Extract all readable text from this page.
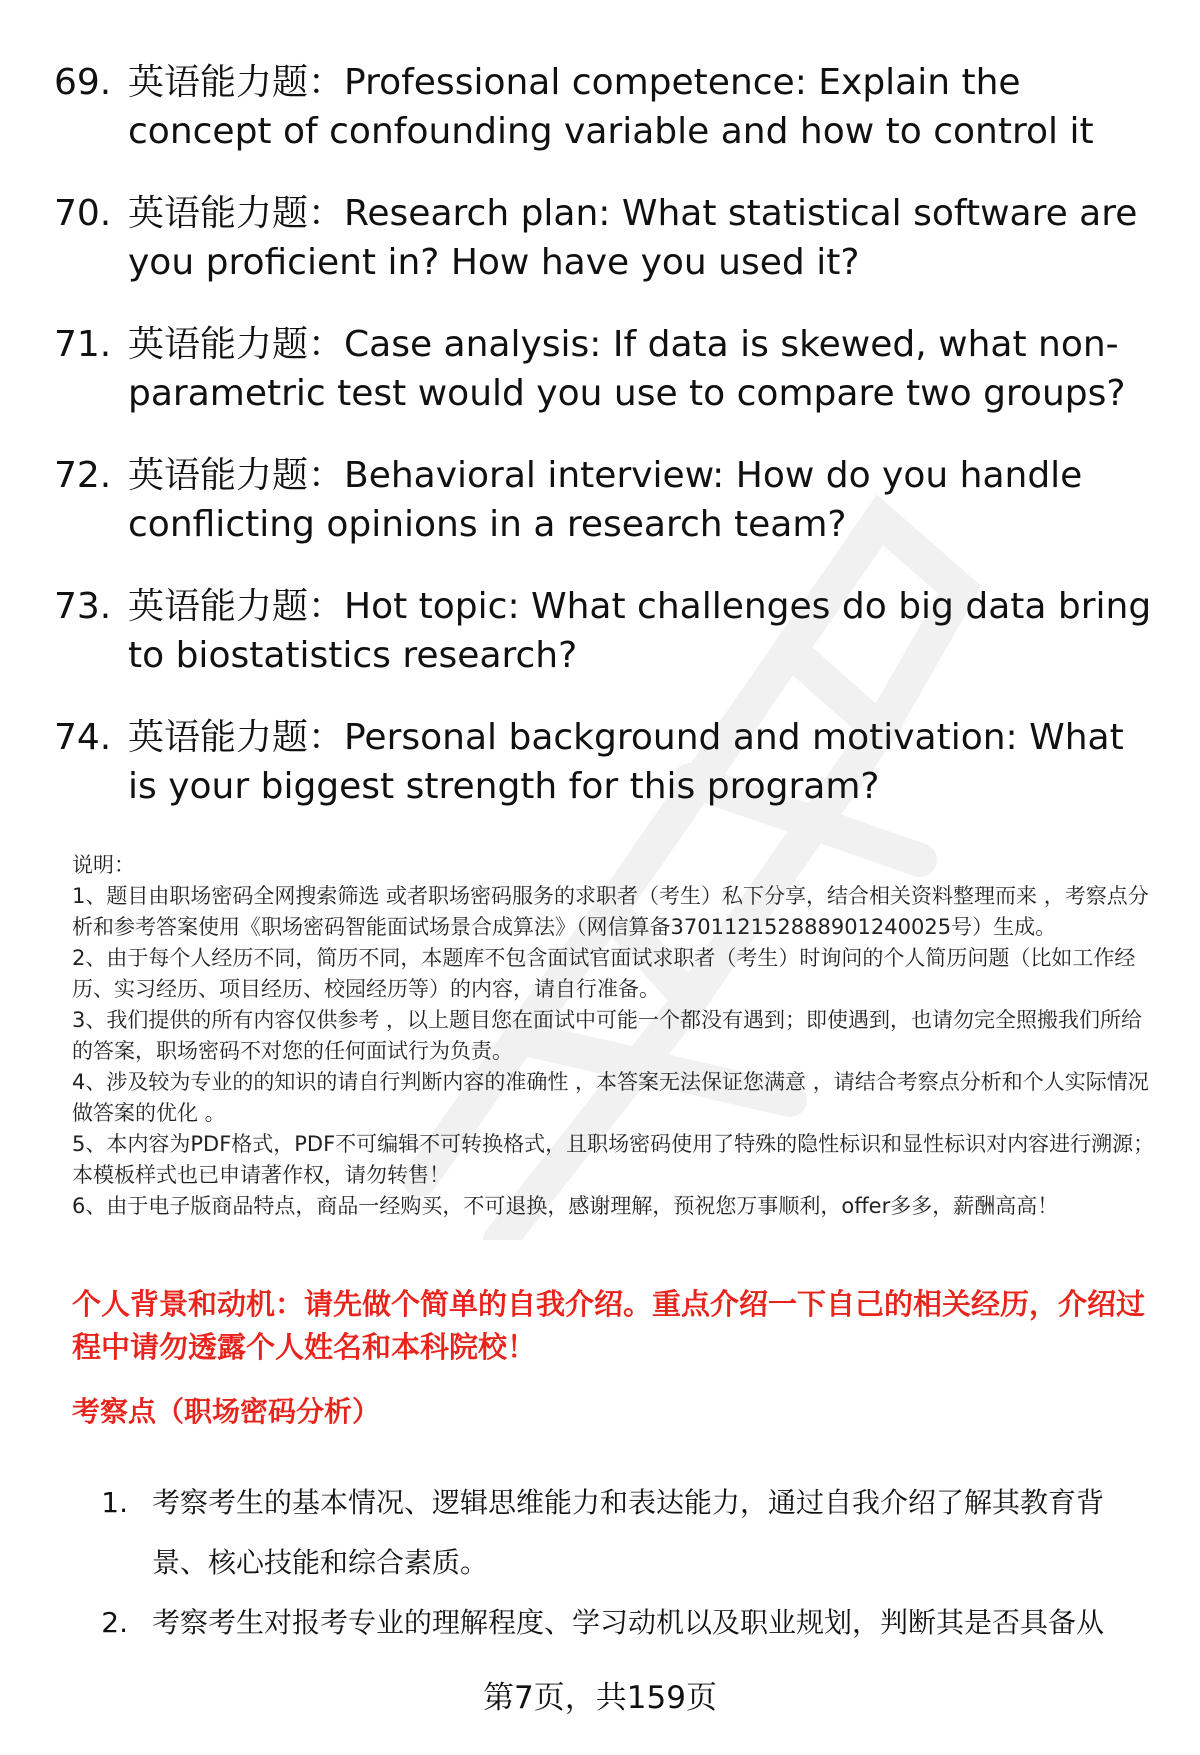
69. 英语能力题：Professional competence: Explain the concept of confounding variable and how to control it
70. 英语能力题：Research plan: What statistical software are you proficient in? How have you used it?
71. 英语能力题：Case analysis: If data is skewed, what non-parametric test would you use to compare two groups?
72. 英语能力题：Behavioral interview: How do you handle conflicting opinions in a research team?
73. 英语能力题：Hot topic: What challenges do big data bring to biostatistics research?
74. 英语能力题：Personal background and motivation: What is your biggest strength for this program?

说明：

1、题目由职场密码全网搜索筛选 或者职场密码服务的求职者（考生）私下分享，结合相关资料整理而来 ，考察点分析和参考答案使用《职场密码智能面试场景合成算法》（网信算备370112152888901240025号）生成。

2、由于每个人经历不同，简历不同，本题库不包含面试官面试求职者（考生）时询问的个人简历问题（比如工作经历、实习经历、项目经历、校园经历等）的内容，请自行准备。

3、我们提供的所有内容仅供参考 ，以上题目您在面试中可能一个都没有遇到；即使遇到，也请勿完全照搬我们所给的答案，职场密码不对您的任何面试行为负责。

4、涉及较为专业的的知识的请自行判断内容的准确性 ，本答案无法保证您满意 ，请结合考察点分析和个人实际情况做答案的优化 。

5、本内容为PDF格式，PDF不可编辑不可转换格式，且职场密码使用了特殊的隐性标识和显性标识对内容进行溯源；本模板样式也已申请著作权，请勿转售！

6、由于电子版商品特点，商品一经购买，不可退换，感谢理解，预祝您万事顺利，offer多多，薪酬高高！

个人背景和动机：请先做个简单的自我介绍。重点介绍一下自己的相关经历，介绍过程中请勿透露个人姓名和本科院校！
考察点（职场密码分析）
1. 考察考生的基本情况、逻辑思维能力和表达能力，通过自我介绍了解其教育背景、核心技能和综合素质。
2. 考察考生对报考专业的理解程度、学习动机以及职业规划，判断其是否具备从
第7页，共159页
